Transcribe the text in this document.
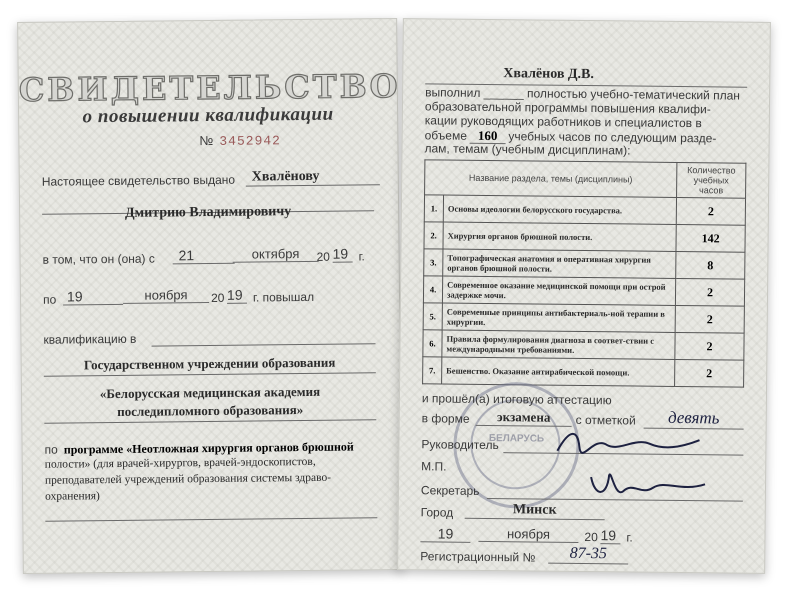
СВИДЕТЕЛЬСТВО
о повышении квалификации
№ 3452942
Настоящее свидетельство выдано	Хвалёнову
Дмитрию Владимировичу
в том, что он (она) с	21	октября	20 19 г.
по 19	ноября	20 19 г. повышал
квалификацию в
Государственном учреждении образования
«Белорусская медицинская академия
последипломного образования»
по программе «Неотложная хирургия органов брюшной
полости» (для врачей-хирургов, врачей-эндоскопистов,
преподавателей учреждений образования системы здраво-
охранения)
Хвалёнов Д.В.
выполнил ______ полностью учебно-тематический план
образовательной программы повышения квалифи-
кации руководящих работников и специалистов в
объеме 160 учебных часов по следующим разде-
лам, темам (учебным дисциплинам):
Название раздела, темы (дисциплины)		Количество учебных часов
1.	Основы идеологии белорусского государства.	2
2.	Хирургия органов брюшной полости.	142
3.	Топографическая анатомия и оперативная хирургия органов брюшной полости.	8
4.	Современное оказание медицинской помощи при острой задержке мочи.	2
5.	Современные принципы антибактериаль-ной терапии в хирургии.	2
6.	Правила формулирования диагноза в соответ-ствии с международными требованиями.	2
7.	Бешенство. Оказание антирабической помощи.	2
БЕЛАРУСЬ
и прошёл(а) итоговую аттестацию
в форме	экзамена	с отметкой	девять
Руководитель
М.П.
Секретарь
Город	Минск
19	ноября	20 19 г.
Регистрационный №	87-35
